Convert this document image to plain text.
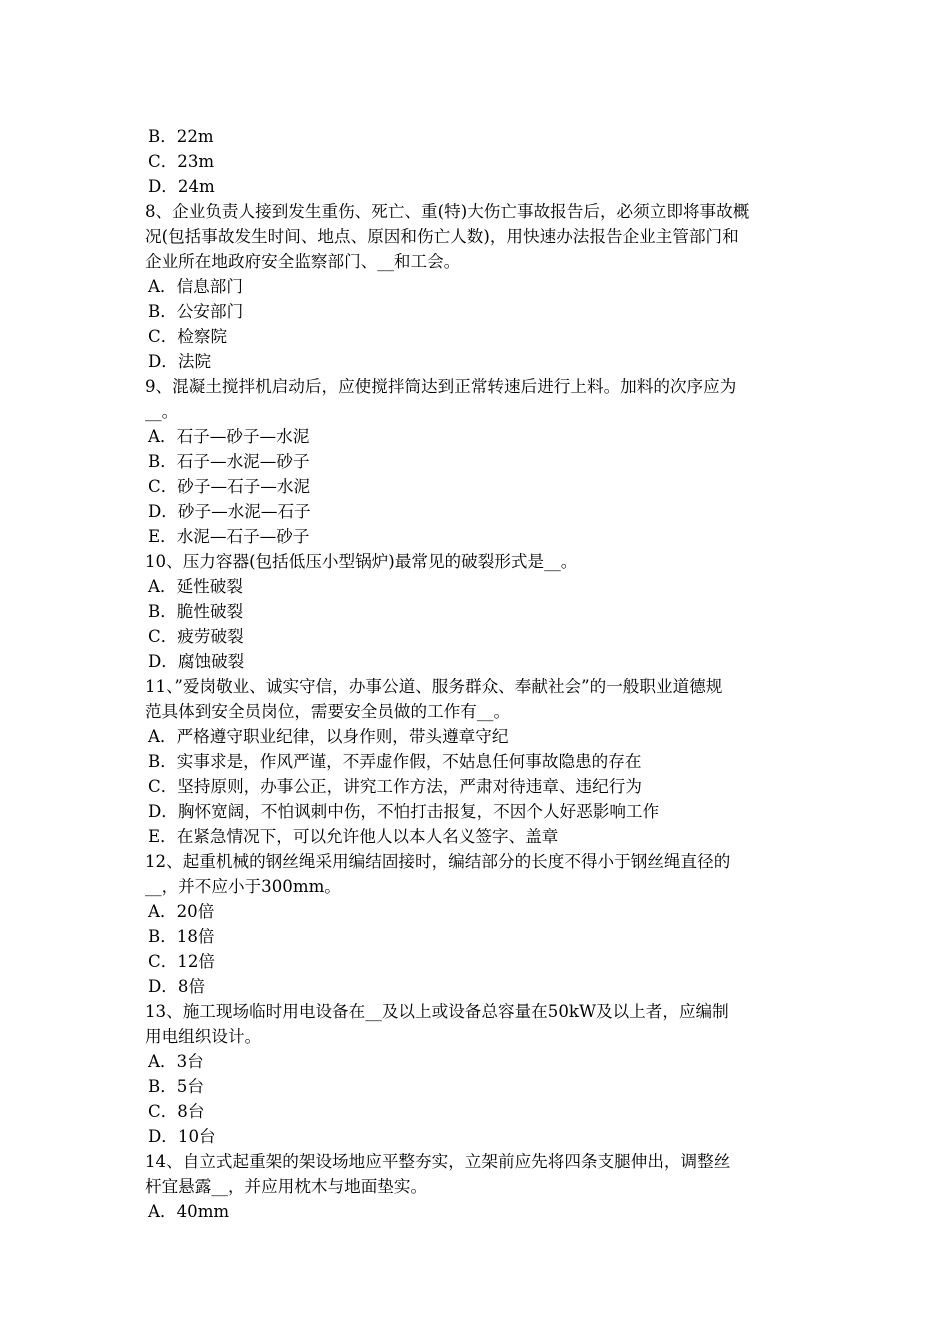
B．22m
C．23m
D．24m
8、企业负责人接到发生重伤、死亡、重(特)大伤亡事故报告后，必须立即将事故概
况(包括事故发生时间、地点、原因和伤亡人数)，用快速办法报告企业主管部门和
企业所在地政府安全监察部门、__和工会。
A．信息部门
B．公安部门
C．检察院
D．法院
9、混凝土搅拌机启动后，应使搅拌筒达到正常转速后进行上料。加料的次序应为
__。
A．石子—砂子—水泥
B．石子—水泥—砂子
C．砂子—石子—水泥
D．砂子—水泥—石子
E．水泥—石子—砂子
10、压力容器(包括低压小型锅炉)最常见的破裂形式是__。
A．延性破裂
B．脆性破裂
C．疲劳破裂
D．腐蚀破裂
11、”爱岗敬业、诚实守信，办事公道、服务群众、奉献社会”的一般职业道德规
范具体到安全员岗位，需要安全员做的工作有__。
A．严格遵守职业纪律，以身作则，带头遵章守纪
B．实事求是，作风严谨，不弄虚作假，不姑息任何事故隐患的存在
C．坚持原则，办事公正，讲究工作方法，严肃对待违章、违纪行为
D．胸怀宽阔，不怕讽刺中伤，不怕打击报复，不因个人好恶影响工作
E．在紧急情况下，可以允许他人以本人名义签字、盖章
12、起重机械的钢丝绳采用编结固接时，编结部分的长度不得小于钢丝绳直径的
__，并不应小于300mm。
A．20倍
B．18倍
C．12倍
D．8倍
13、施工现场临时用电设备在__及以上或设备总容量在50kW及以上者，应编制
用电组织设计。
A．3台
B．5台
C．8台
D．10台
14、自立式起重架的架设场地应平整夯实，立架前应先将四条支腿伸出，调整丝
杆宜悬露__，并应用枕木与地面垫实。
A．40mm
